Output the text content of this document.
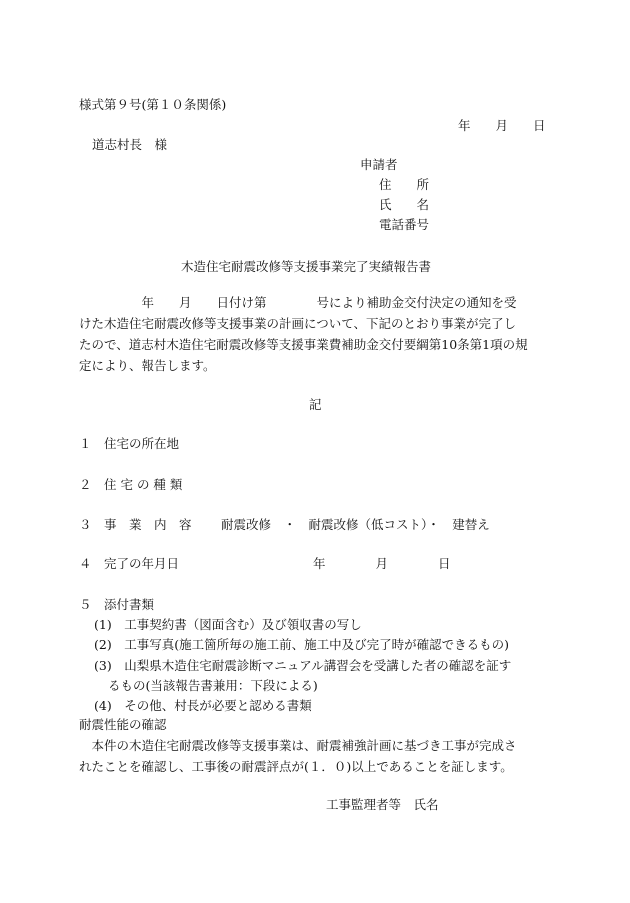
様式第９号(第１０条関係)
年　　月　　日
道志村長　様
申請者
住　　所
氏　　名
電話番号
木造住宅耐震改修等支援事業完了実績報告書
　　　　　年　　月　　日付け第　　　　号により補助金交付決定の通知を受
けた木造住宅耐震改修等支援事業の計画について、下記のとおり事業が完了し
たので、道志村木造住宅耐震改修等支援事業費補助金交付要綱第10条第1項の規
定により、報告します。
記
１　住宅の所在地
２　住 宅 の 種 類
３　事　業　内　容 耐震改修　・　耐震改修（低コスト）・　建替え
４　完了の年月日	年　　　　月　　　　日
５　添付書類
(1)　工事契約書（図面含む）及び領収書の写し
(2)　工事写真(施工箇所毎の施工前、施工中及び完了時が確認できるもの)
(3)　山梨県木造住宅耐震診断マニュアル講習会を受講した者の確認を証す
るもの(当該報告書兼用：下段による)
(4)　その他、村長が必要と認める書類
耐震性能の確認
　本件の木造住宅耐震改修等支援事業は、耐震補強計画に基づき工事が完成さ
れたことを確認し、工事後の耐震評点が(１．０)以上であることを証します。
工事監理者等　氏名
